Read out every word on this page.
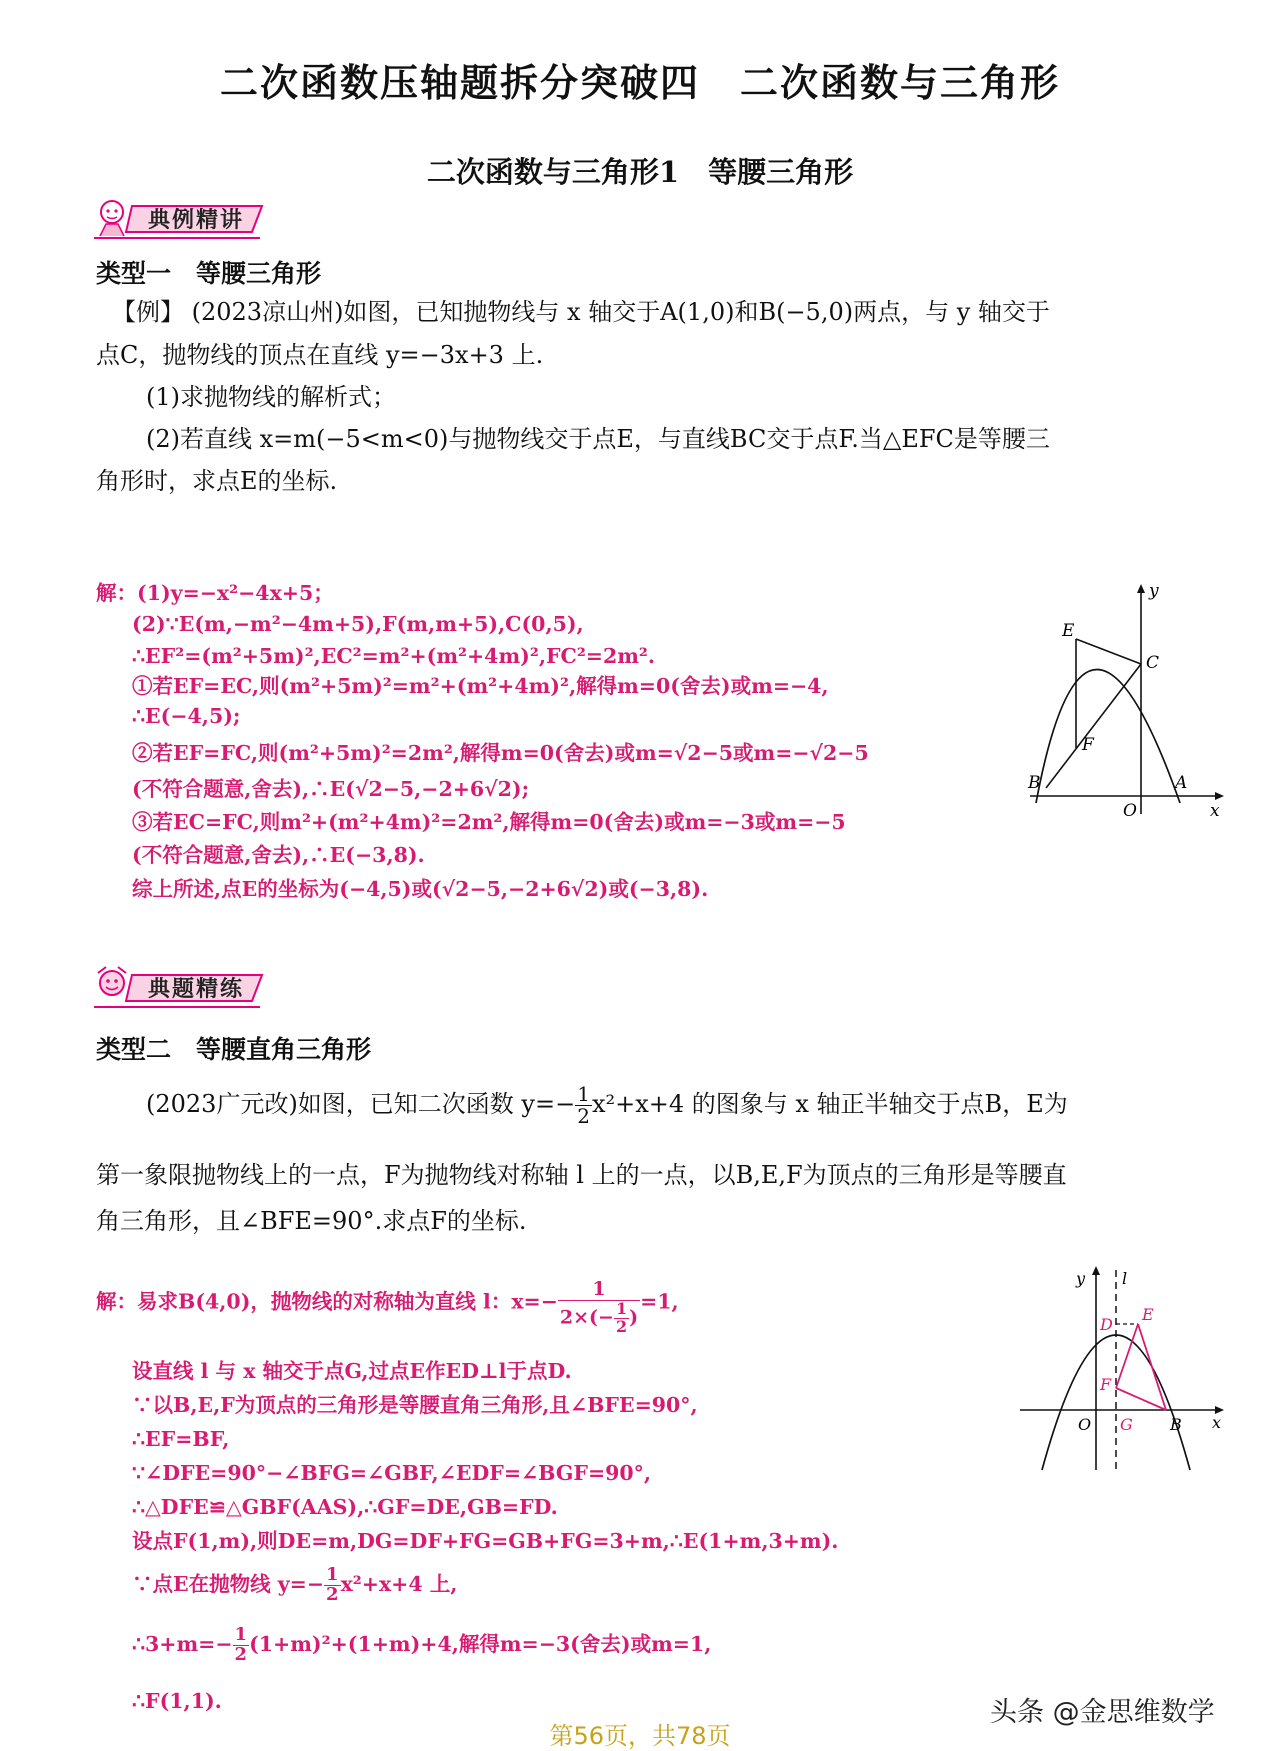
二次函数压轴题拆分突破四　二次函数与三角形
二次函数与三角形1　等腰三角形
典例精讲
类型一　等腰三角形
【例】 (2023凉山州)如图，已知抛物线与 x 轴交于A(1,0)和B(−5,0)两点，与 y 轴交于
点C，抛物线的顶点在直线 y=−3x+3 上.
(1)求抛物线的解析式；
(2)若直线 x=m(−5<m<0)与抛物线交于点E，与直线BC交于点F.当△EFC是等腰三
角形时，求点E的坐标.
解：(1)y=−x²−4x+5；
(2)∵E(m,−m²−4m+5),F(m,m+5),C(0,5),
∴EF²=(m²+5m)²,EC²=m²+(m²+4m)²,FC²=2m².
①若EF=EC,则(m²+5m)²=m²+(m²+4m)²,解得m=0(舍去)或m=−4,
∴E(−4,5);
②若EF=FC,则(m²+5m)²=2m²,解得m=0(舍去)或m=√2−5或m=−√2−5
(不符合题意,舍去),∴E(√2−5,−2+6√2);
③若EC=FC,则m²+(m²+4m)²=2m²,解得m=0(舍去)或m=−3或m=−5
(不符合题意,舍去),∴E(−3,8).
综上所述,点E的坐标为(−4,5)或(√2−5,−2+6√2)或(−3,8).
E
C
F
B	A
O	x
y
典题精练
类型二　等腰直角三角形
(2023广元改)如图，已知二次函数 $y=- \frac{1}{2} x^2+x+4$ 的图象与 x 轴正半轴交于点B，E为
第一象限抛物线上的一点，F为抛物线对称轴 l 上的一点，以B,E,F为顶点的三角形是等腰直
角三角形，且∠BFE=90°.求点F的坐标.
解：易求B(4,0)，抛物线的对称轴为直线 l：$x=- \frac{1}{2\times(- \frac{1}{2} )} =1$,
设直线 l 与 x 轴交于点G,过点E作ED⊥l于点D.
∵以B,E,F为顶点的三角形是等腰直角三角形,且∠BFE=90°,
∴EF=BF,
∵∠DFE=90°−∠BFG=∠GBF,∠EDF=∠BGF=90°,
∴△DFE≌△GBF(AAS),∴GF=DE,GB=FD.
设点F(1,m),则DE=m,DG=DF+FG=GB+FG=3+m,∴E(1+m,3+m).
∵点E在抛物线 $y=- \frac{1}{2} x^2+x+4$ 上,
∴3+m=− $\frac{1}{2} (1+m)^2+(1+m)+4$,解得m=−3(舍去)或m=1,
∴F(1,1).
y l
E
D
F
O G B x
第56页，共78页
头条 @金思维数学
